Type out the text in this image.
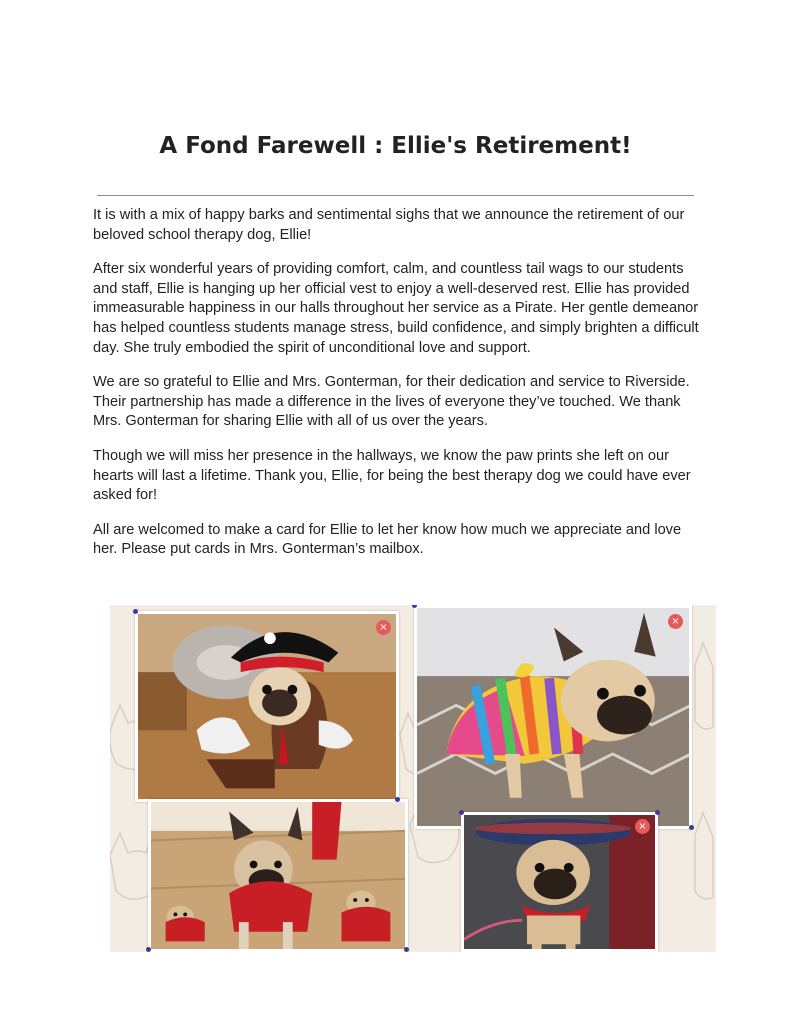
A Fond Farewell : Ellie's Retirement!

It is with a mix of happy barks and sentimental sighs that we announce the retirement of our beloved school therapy dog, Ellie!

After six wonderful years of providing comfort, calm, and countless tail wags to our students and staff, Ellie is hanging up her official vest to enjoy a well-deserved rest. Ellie has provided immeasurable happiness in our halls throughout her service as a Pirate. Her gentle demeanor has helped countless students manage stress, build confidence, and simply brighten a difficult day. She truly embodied the spirit of unconditional love and support.

We are so grateful to Ellie and Mrs. Gonterman, for their dedication and service to Riverside. Their partnership has made a difference in the lives of everyone they’ve touched. We thank Mrs. Gonterman for sharing Ellie with all of us over the years.

Though we will miss her presence in the hallways, we know the paw prints she left on our hearts will last a lifetime. Thank you, Ellie, for being the best therapy dog we could have ever asked for!

All are welcomed to make a card for Ellie to let her know how much we appreciate and love her. Please put cards in Mrs. Gonterman’s mailbox.

×
×
×
